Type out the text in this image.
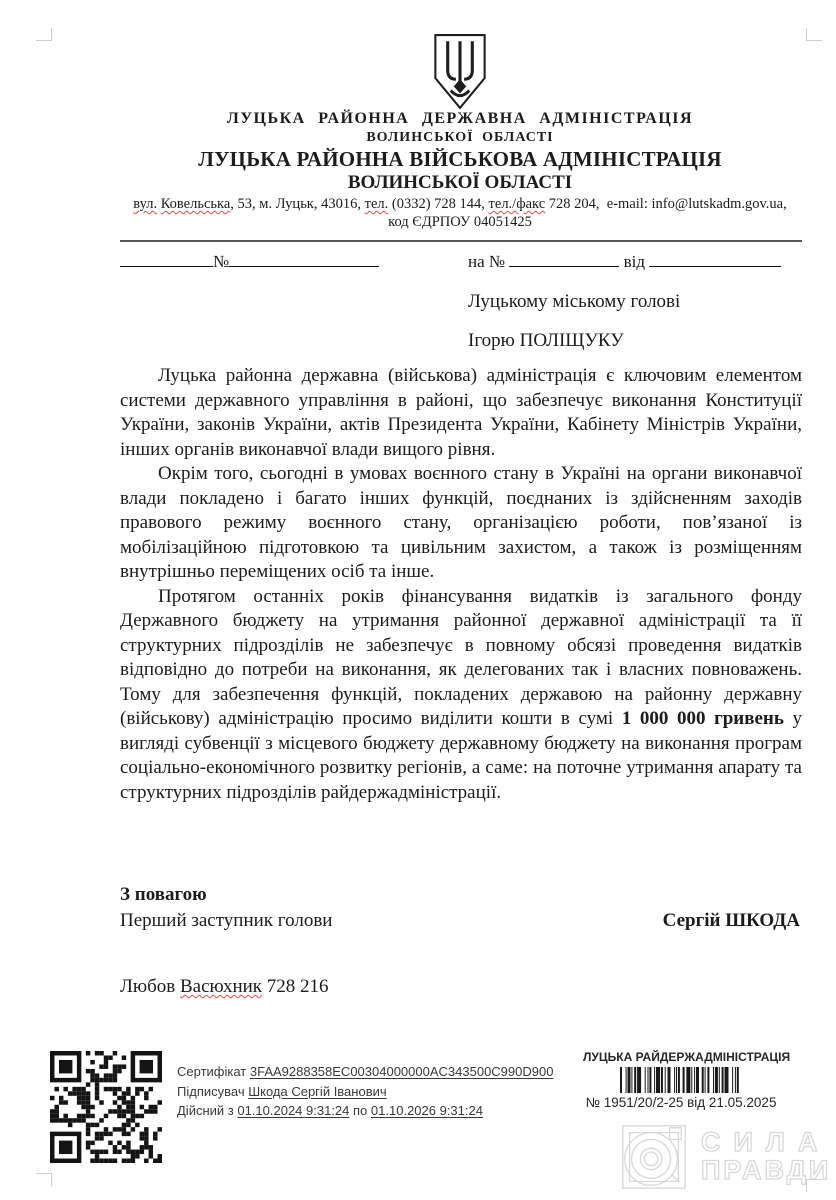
ЛУЦЬКА РАЙОННА ДЕРЖАВНА АДМІНІСТРАЦІЯ
ВОЛИНСЬКОЇ ОБЛАСТІ
ЛУЦЬКА РАЙОННА ВІЙСЬКОВА АДМІНІСТРАЦІЯ
ВОЛИНСЬКОЇ ОБЛАСТІ
вул. Ковельська, 53, м. Луцьк, 43016, тел. (0332) 728 144, тел./факс 728 204,  e-mail: info@lutskadm.gov.ua,
код ЄДРПОУ 04051425
№	на №	від
Луцькому міському голові
Ігорю ПОЛІЩУКУ

Луцька районна державна (військова) адміністрація є ключовим елементом системи державного управління в районі, що забезпечує виконання Конституції України, законів України, актів Президента України, Кабінету Міністрів України, інших органів виконавчої влади вищого рівня.

Окрім того, сьогодні в умовах воєнного стану в Україні на органи виконавчої влади покладено і багато інших функцій, поєднаних із здійсненням заходів правового режиму воєнного стану, організацією роботи, пов’язаної із мобілізаційною підготовкою та цивільним захистом, а також із розміщенням внутрішньо переміщених осіб та інше.

Протягом останніх років фінансування видатків із загального фонду Державного бюджету на утримання районної державної адміністрації та її структурних підрозділів не забезпечує в повному обсязі проведення видатків відповідно до потреби на виконання, як делегованих так і власних повноважень. Тому для забезпечення функцій, покладених державою на районну державну (військову) адміністрацію просимо виділити кошти в сумі 1 000 000 гривень у вигляді субвенції з місцевого бюджету державному бюджету на виконання програм соціально-економічного розвитку регіонів, а саме: на поточне утримання апарату та структурних підрозділів райдержадміністрації.

З повагою
Перший заступник голови	Сергій ШКОДА
Любов Васюхник 728 216
Сертифікат 3FAA9288358EC00304000000AC343500C990D900
Підписувач Шкода Сергій Іванович
Дійсний з 01.10.2024 9:31:24 по 01.10.2026 9:31:24
ЛУЦЬКА РАЙДЕРЖАДМІНІСТРАЦІЯ
№ 1951/20/2-25 від 21.05.2025
СИЛА
ПРАВДИ
